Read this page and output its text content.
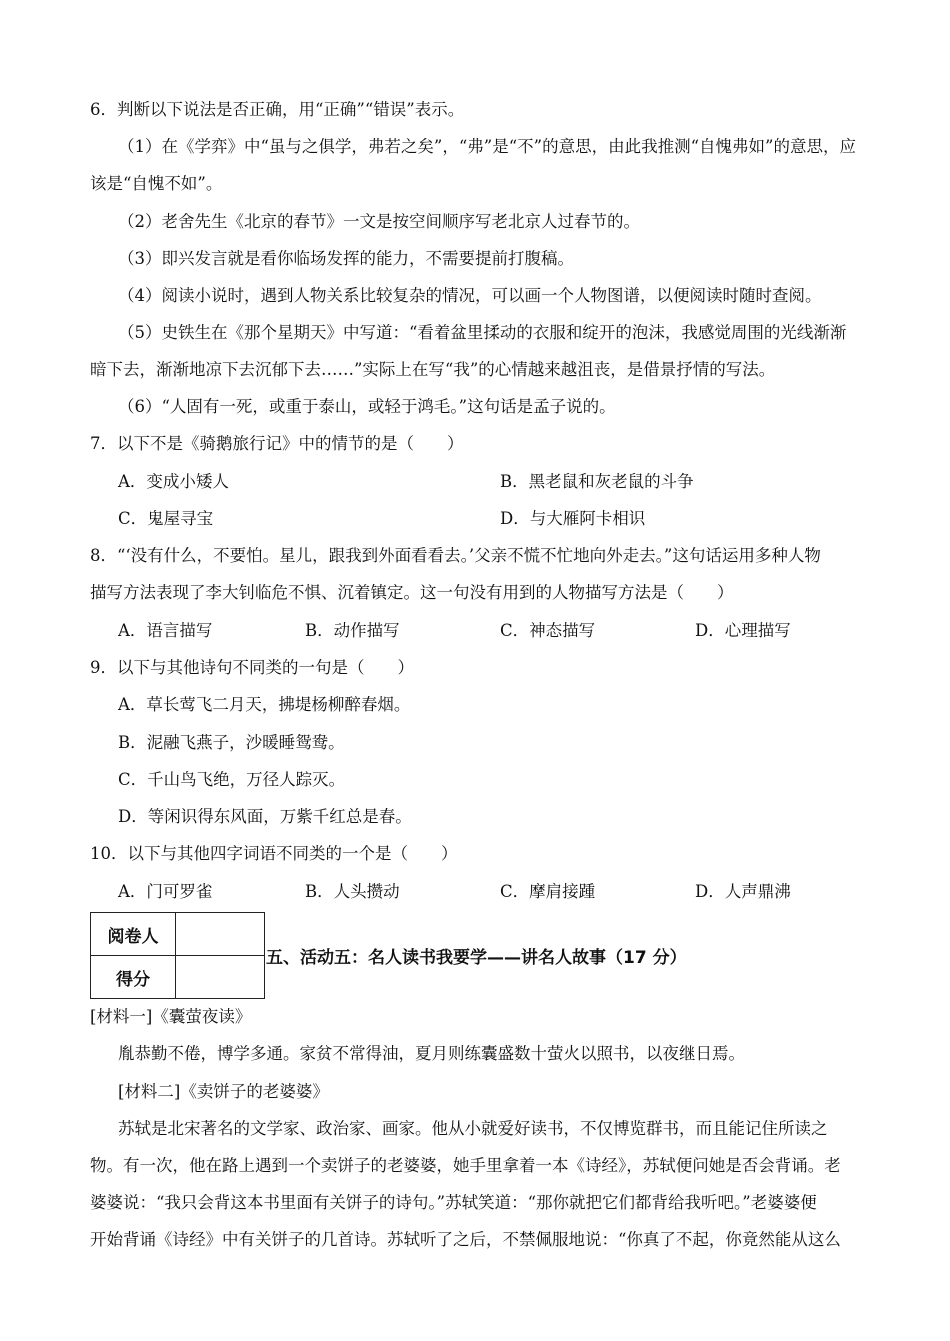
6．判断以下说法是否正确，用“正确”“错误”表示。
（1）在《学弈》中“虽与之俱学，弗若之矣”，“弗”是“不”的意思，由此我推测“自愧弗如”的意思，应
该是“自愧不如”。
（2）老舍先生《北京的春节》一文是按空间顺序写老北京人过春节的。
（3）即兴发言就是看你临场发挥的能力，不需要提前打腹稿。
（4）阅读小说时，遇到人物关系比较复杂的情况，可以画一个人物图谱，以便阅读时随时查阅。
（5）史铁生在《那个星期天》中写道：“看着盆里揉动的衣服和绽开的泡沫，我感觉周围的光线渐渐
暗下去，渐渐地凉下去沉郁下去……”实际上在写“我”的心情越来越沮丧，是借景抒情的写法。
（6）“人固有一死，或重于泰山，或轻于鸿毛。”这句话是孟子说的。
7．以下不是《骑鹅旅行记》中的情节的是（　　）
A．变成小矮人	B．黑老鼠和灰老鼠的斗争
C．鬼屋寻宝	D．与大雁阿卡相识
8．“‘没有什么，不要怕。星儿，跟我到外面看看去。’父亲不慌不忙地向外走去。”这句话运用多种人物
描写方法表现了李大钊临危不惧、沉着镇定。这一句没有用到的人物描写方法是（　　）
A．语言描写	B．动作描写	C．神态描写	D．心理描写
9．以下与其他诗句不同类的一句是（　　）
A．草长莺飞二月天，拂堤杨柳醉春烟。
B．泥融飞燕子，沙暖睡鸳鸯。
C．千山鸟飞绝，万径人踪灭。
D．等闲识得东风面，万紫千红总是春。
10．以下与其他四字词语不同类的一个是（　　）
A．门可罗雀	B．人头攒动	C．摩肩接踵	D．人声鼎沸
阅卷人	
得分	
五、活动五：名人读书我要学——讲名人故事（17 分）
[材料一]《囊萤夜读》
胤恭勤不倦，博学多通。家贫不常得油，夏月则练囊盛数十萤火以照书，以夜继日焉。
[材料二]《卖饼子的老婆婆》
苏轼是北宋著名的文学家、政治家、画家。他从小就爱好读书，不仅博览群书，而且能记住所读之
物。有一次，他在路上遇到一个卖饼子的老婆婆，她手里拿着一本《诗经》，苏轼便问她是否会背诵。老
婆婆说：“我只会背这本书里面有关饼子的诗句。”苏轼笑道：“那你就把它们都背给我听吧。”老婆婆便
开始背诵《诗经》中有关饼子的几首诗。苏轼听了之后，不禁佩服地说：“你真了不起，你竟然能从这么
